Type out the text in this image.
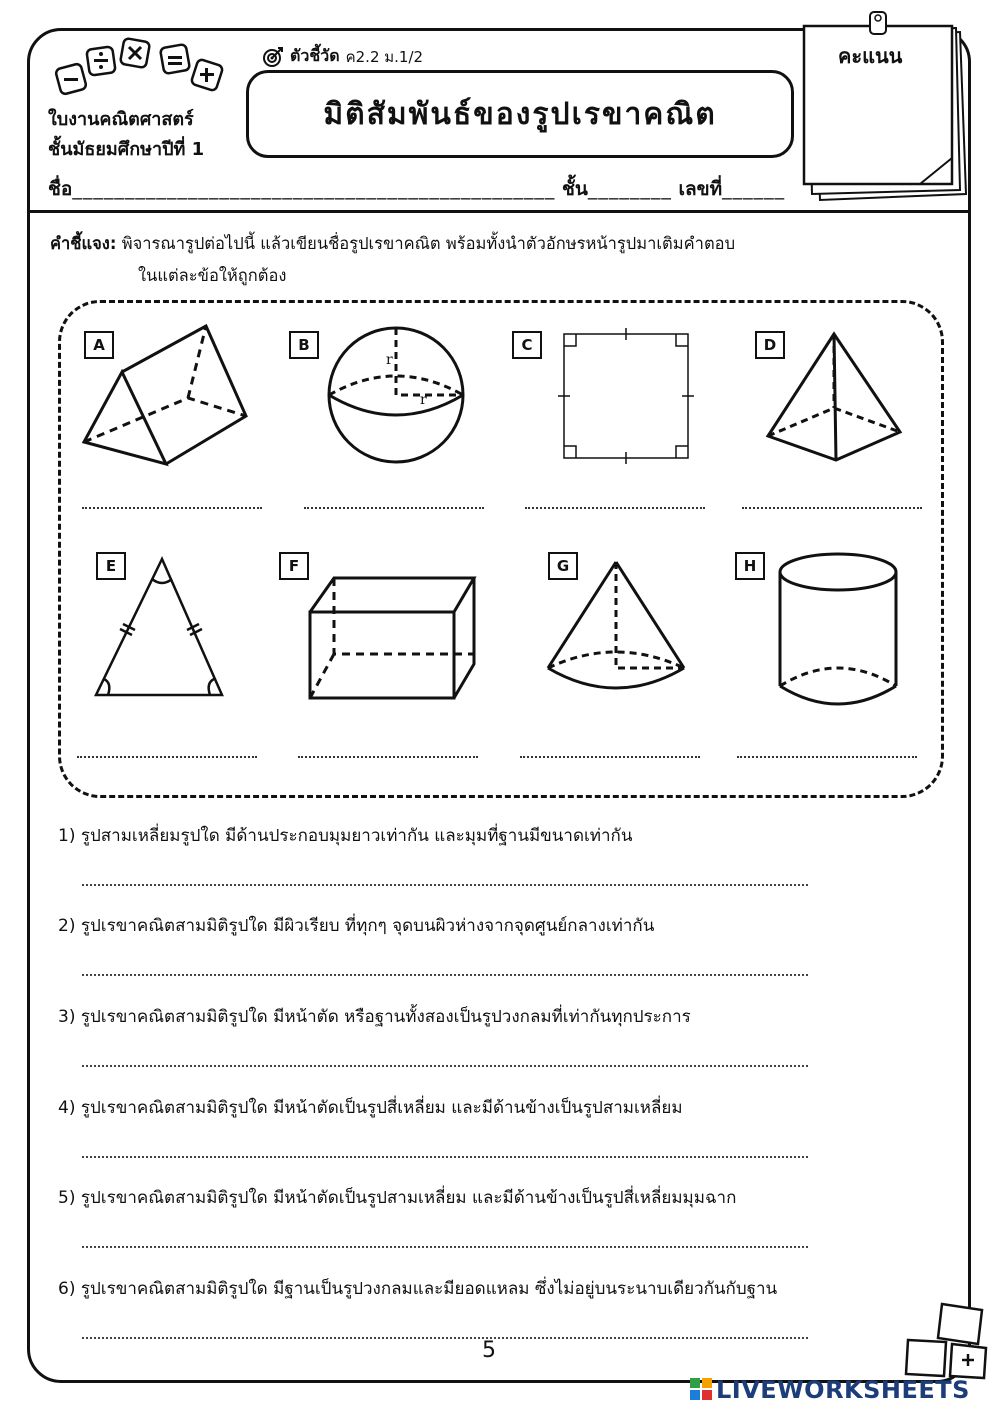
ใบงานคณิตศาสตร์
ชั้นมัธยมศึกษาปีที่ 1
ตัวชี้วัด ค2.2 ม.1/2
มิติสัมพันธ์ของรูปเรขาคณิต
คะแนน
ชื่อ______________________________________________ ชั้น________ เลขที่______
คำชี้แจง: พิจารณารูปต่อไปนี้ แล้วเขียนชื่อรูปเรขาคณิต พร้อมทั้งนำตัวอักษรหน้ารูปมาเติมคำตอบ
ในแต่ละข้อให้ถูกต้อง
A	B	C	D
E	F	G	H
r
r
1) รูปสามเหลี่ยมรูปใด มีด้านประกอบมุมยาวเท่ากัน และมุมที่ฐานมีขนาดเท่ากัน
2) รูปเรขาคณิตสามมิติรูปใด มีผิวเรียบ ที่ทุกๆ จุดบนผิวห่างจากจุดศูนย์กลางเท่ากัน
3) รูปเรขาคณิตสามมิติรูปใด มีหน้าตัด หรือฐานทั้งสองเป็นรูปวงกลมที่เท่ากันทุกประการ
4) รูปเรขาคณิตสามมิติรูปใด มีหน้าตัดเป็นรูปสี่เหลี่ยม และมีด้านข้างเป็นรูปสามเหลี่ยม
5) รูปเรขาคณิตสามมิติรูปใด มีหน้าตัดเป็นรูปสามเหลี่ยม และมีด้านข้างเป็นรูปสี่เหลี่ยมมุมฉาก
6) รูปเรขาคณิตสามมิติรูปใด มีฐานเป็นรูปวงกลมและมียอดแหลม ซึ่งไม่อยู่บนระนาบเดียวกันกับฐาน
5
LIVEWORKSHEETS
